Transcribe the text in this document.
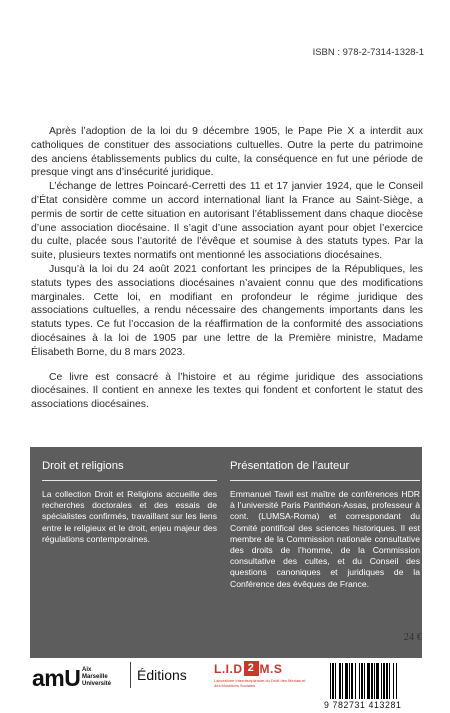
ISBN : 978-2-7314-1328-1

Après l’adoption de la loi du 9 décembre 1905, le Pape Pie X a interdit aux catholiques de constituer des associations cultuelles. Outre la perte du patrimoine des anciens établissements publics du culte, la conséquence en fut une période de presque vingt ans d’insécurité juridique.

L’échange de lettres Poincaré-Cerretti des 11 et 17 janvier 1924, que le Conseil d’État considère comme un accord international liant la France au Saint-Siège, a permis de sortir de cette situation en autorisant l’établissement dans chaque diocèse d’une association diocésaine. Il s’agit d’une association ayant pour objet l’exercice du culte, placée sous l’autorité de l’évêque et soumise à des statuts types. Par la suite, plusieurs textes normatifs ont mentionné les associations diocésaines.

Jusqu’à la loi du 24 août 2021 confortant les principes de la Républiques, les statuts types des associations diocésaines n’avaient connu que des modifications marginales. Cette loi, en modifiant en profondeur le régime juridique des associations cultuelles, a rendu nécessaire des changements importants dans les statuts types. Ce fut l’occasion de la réaffirmation de la conformité des associations diocésaines à la loi de 1905 par une lettre de la Première ministre, Madame Élisabeth Borne, du 8 mars 2023.

Ce livre est consacré à l’histoire et au régime juridique des associations diocésaines. Il contient en annexe les textes qui fondent et confortent le statut des associations diocésaines.

Droit et religions
La collection Droit et Religions accueille des recherches doctorales et des essais de spécialistes confirmés, travaillant sur les liens entre le religieux et le droit, enjeu majeur des régulations contemporaines.
Présentation de l’auteur
Emmanuel Tawil est maître de conférences HDR à l’université Paris Panthéon-Assas, professeur à cont. (LUMSA-Roma) et correspondant du Comité pontifical des sciences historiques. Il est membre de la Commission nationale consultative des droits de l’homme, de la Commission consultative des cultes, et du Conseil des questions canoniques et juridiques de la Conférence des évêques de France.
24 €
amU Aix
Marseille
Université
Éditions L.I.D 2 M.S
Laboratoire Interdisciplinaire du Droit des Médias et des Mutations Sociales
9 782731 413281
